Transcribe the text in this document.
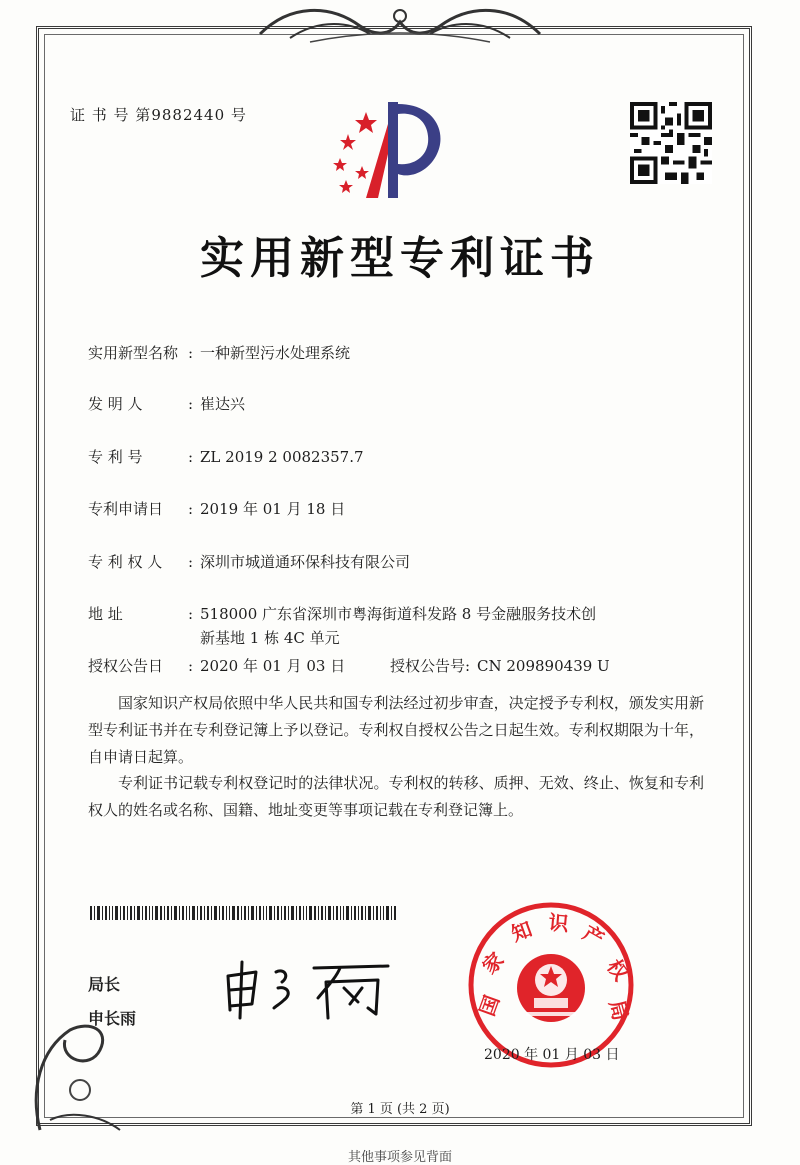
证 书 号 第9882440 号
实用新型专利证书
实用新型名称 : 一种新型污水处理系统
发 明 人	: 崔达兴
专 利 号	: ZL 2019 2 0082357.7
专利申请日 : 2019 年 01 月 18 日
专 利 权 人 : 深圳市城道通环保科技有限公司
地 址	: 518000 广东省深圳市粤海街道科发路 8 号金融服务技术创
新基地 1 栋 4C 单元
授权公告日 : 2020 年 01 月 03 日	授权公告号: CN 209890439 U
国家知识产权局依照中华人民共和国专利法经过初步审查，决定授予专利权，颁发实用新型专利证书并在专利登记簿上予以登记。专利权自授权公告之日起生效。专利权期限为十年，自申请日起算。
专利证书记载专利权登记时的法律状况。专利权的转移、质押、无效、终止、恢复和专利权人的姓名或名称、国籍、地址变更等事项记载在专利登记簿上。
局长
申长雨	国
家
知 识 产
权
局
2020 年 01 月 03 日
第 1 页 (共 2 页)
其他事项参见背面
